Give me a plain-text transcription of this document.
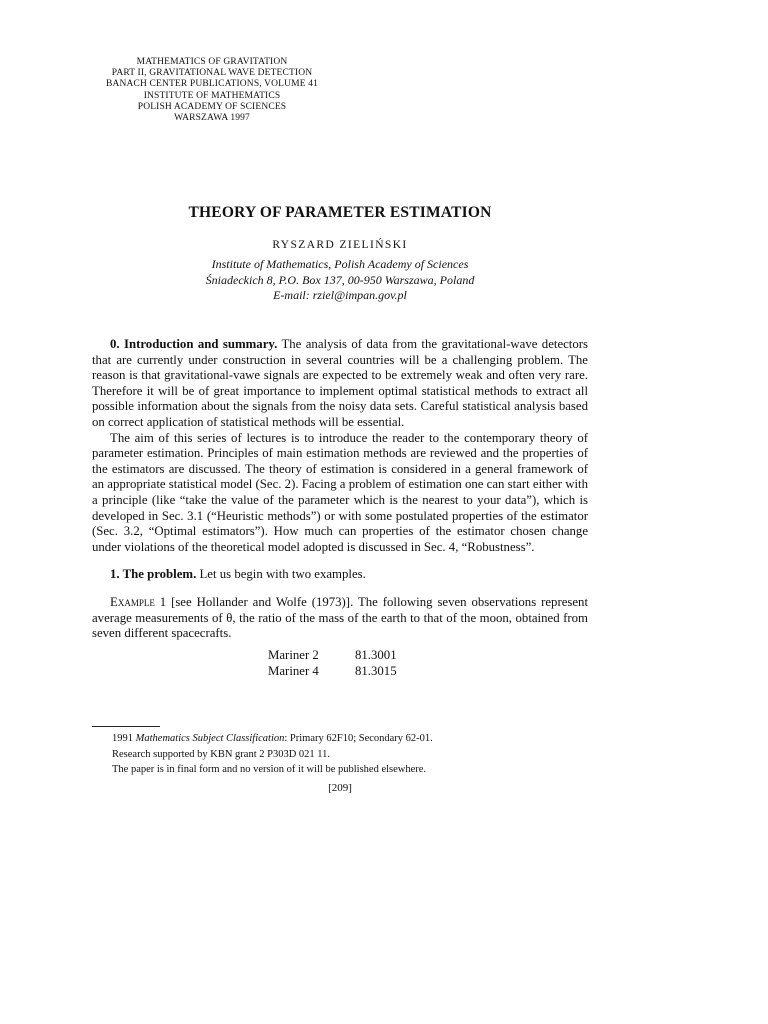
MATHEMATICS OF GRAVITATION
PART II, GRAVITATIONAL WAVE DETECTION
BANACH CENTER PUBLICATIONS, VOLUME 41
INSTITUTE OF MATHEMATICS
POLISH ACADEMY OF SCIENCES
WARSZAWA 1997
THEORY OF PARAMETER ESTIMATION
RYSZARD ZIELIŃSKI
Institute of Mathematics, Polish Academy of Sciences
Śniadeckich 8, P.O. Box 137, 00-950 Warszawa, Poland
E-mail: rziel@impan.gov.pl

0. Introduction and summary. The analysis of data from the gravitational-wave detectors that are currently under construction in several countries will be a challenging problem. The reason is that gravitational-vawe signals are expected to be extremely weak and often very rare. Therefore it will be of great importance to implement optimal statistical methods to extract all possible information about the signals from the noisy data sets. Careful statistical analysis based on correct application of statistical methods will be essential.

The aim of this series of lectures is to introduce the reader to the contemporary theory of parameter estimation. Principles of main estimation methods are reviewed and the properties of the estimators are discussed. The theory of estimation is considered in a general framework of an appropriate statistical model (Sec. 2). Facing a problem of estimation one can start either with a principle (like “take the value of the parameter which is the nearest to your data”), which is developed in Sec. 3.1 (“Heuristic methods”) or with some postulated properties of the estimator (Sec. 3.2, “Optimal estimators”). How much can properties of the estimator chosen change under violations of the theoretical model adopted is discussed in Sec. 4, “Robustness”.

1. The problem. Let us begin with two examples.

Example 1 [see Hollander and Wolfe (1973)]. The following seven observations represent average measurements of θ, the ratio of the mass of the earth to that of the moon, obtained from seven different spacecrafts.

Mariner 2	81.3001
Mariner 4	81.3015
1991 Mathematics Subject Classification: Primary 62F10; Secondary 62-01.
Research supported by KBN grant 2 P303D 021 11.
The paper is in final form and no version of it will be published elsewhere.
[209]
